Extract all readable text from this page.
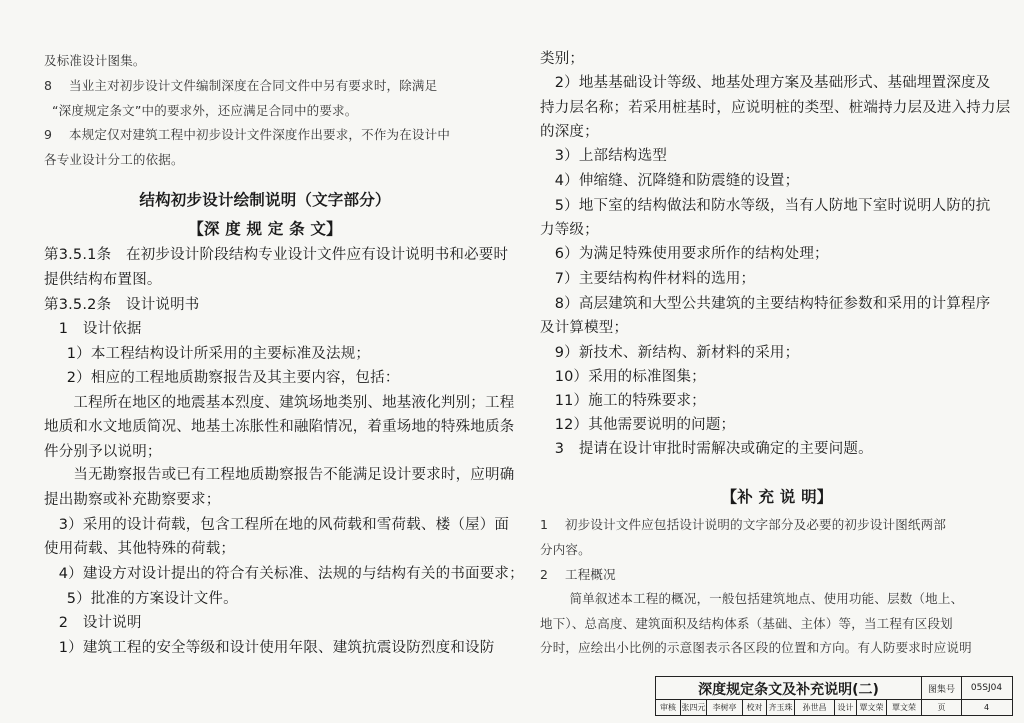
及标准设计图集。
8　 当业主对初步设计文件编制深度在合同文件中另有要求时，除满足
“深度规定条文”中的要求外，还应满足合同中的要求。
9　 本规定仅对建筑工程中初步设计文件深度作出要求，不作为在设计中
各专业设计分工的依据。
结构初步设计绘制说明（文字部分）
【深 度 规 定 条 文】
第3.5.1条　在初步设计阶段结构专业设计文件应有设计说明书和必要时
提供结构布置图。
第3.5.2条　设计说明书
　1　设计依据
　1）本工程结构设计所采用的主要标准及法规；
　2）相应的工程地质勘察报告及其主要内容，包括：
　　工程所在地区的地震基本烈度、建筑场地类别、地基液化判别；工程
地质和水文地质简况、地基土冻胀性和融陷情况，着重场地的特殊地质条
件分别予以说明；
　　当无勘察报告或已有工程地质勘察报告不能满足设计要求时，应明确
提出勘察或补充勘察要求；
　3）采用的设计荷载，包含工程所在地的风荷载和雪荷载、楼（屋）面
使用荷载、其他特殊的荷载；
　4）建设方对设计提出的符合有关标准、法规的与结构有关的书面要求；
　5）批准的方案设计文件。
　2　设计说明
　1）建筑工程的安全等级和设计使用年限、建筑抗震设防烈度和设防
类别；
　2）地基基础设计等级、地基处理方案及基础形式、基础埋置深度及
持力层名称；若采用桩基时，应说明桩的类型、桩端持力层及进入持力层
的深度；
　3）上部结构选型
　4）伸缩缝、沉降缝和防震缝的设置；
　5）地下室的结构做法和防水等级，当有人防地下室时说明人防的抗
力等级；
　6）为满足特殊使用要求所作的结构处理；
　7）主要结构构件材料的选用；
　8）高层建筑和大型公共建筑的主要结构特征参数和采用的计算程序
及计算模型；
　9）新技术、新结构、新材料的采用；
　10）采用的标准图集；
　11）施工的特殊要求；
　12）其他需要说明的问题；
　3　提请在设计审批时需解决或确定的主要问题。
【补 充 说 明】
1　 初步设计文件应包括设计说明的文字部分及必要的初步设计图纸两部
分内容。
2　 工程概况
　　 简单叙述本工程的概况，一般包括建筑地点、使用功能、层数（地上、
地下）、总高度、建筑面积及结构体系（基础、主体）等，当工程有区段划
分时，应绘出小比例的示意图表示各区段的位置和方向。有人防要求时应说明
深度规定条文及补充说明(二)	图集号	05SJ04
审核 张四元 李树亭	校对 齐玉珠	孙世昌	设计 覃文荣	覃文荣	页	4
